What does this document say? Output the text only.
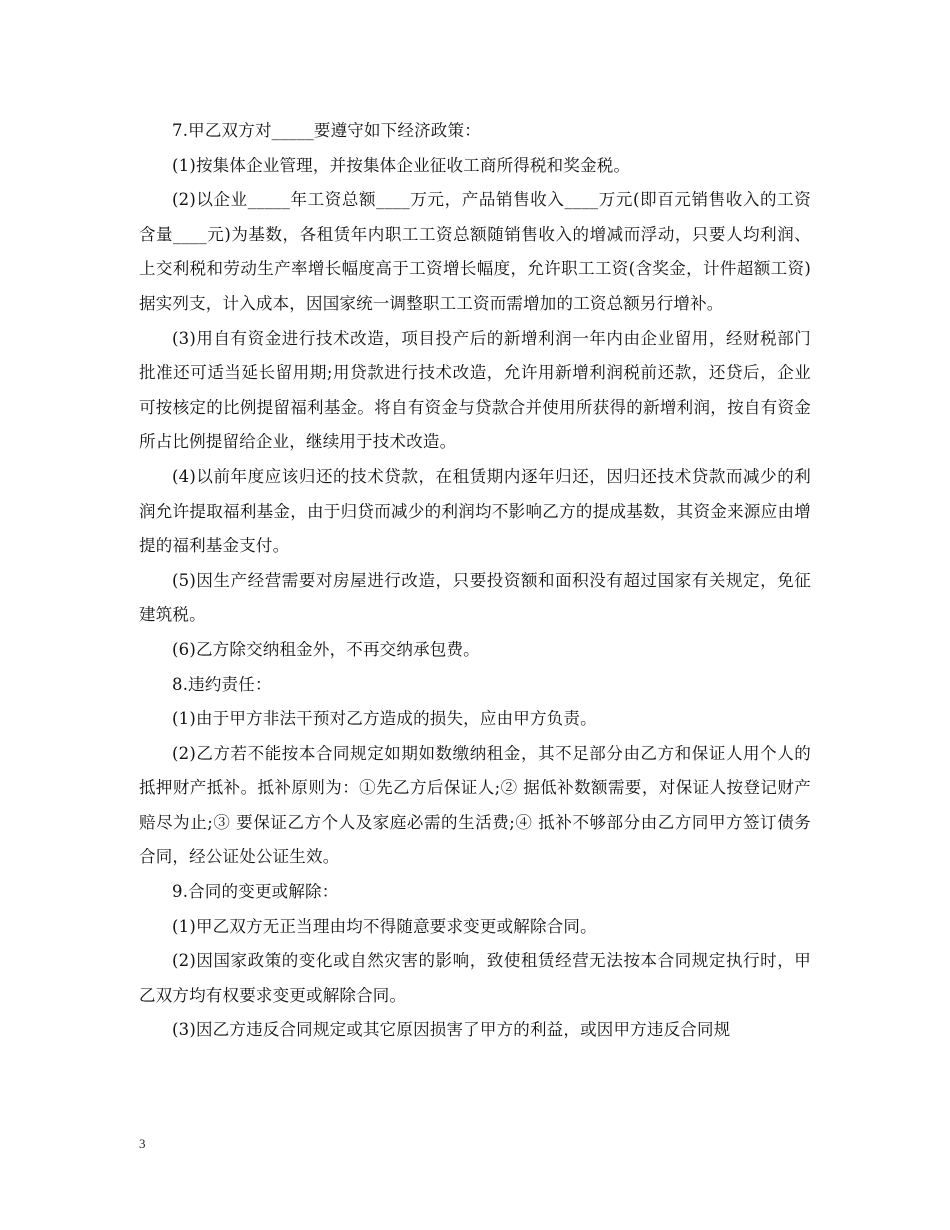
7.甲乙双方对_____要遵守如下经济政策：

(1)按集体企业管理，并按集体企业征收工商所得税和奖金税。

(2)以企业_____年工资总额____万元，产品销售收入____万元(即百元销售收入的工资含量____元)为基数，各租赁年内职工工资总额随销售收入的增减而浮动，只要人均利润、上交利税和劳动生产率增长幅度高于工资增长幅度，允许职工工资(含奖金，计件超额工资)据实列支，计入成本，因国家统一调整职工工资而需增加的工资总额另行增补。

(3)用自有资金进行技术改造，项目投产后的新增利润一年内由企业留用，经财税部门批准还可适当延长留用期;用贷款进行技术改造，允许用新增利润税前还款，还贷后，企业可按核定的比例提留福利基金。将自有资金与贷款合并使用所获得的新增利润，按自有资金所占比例提留给企业，继续用于技术改造。

(4)以前年度应该归还的技术贷款，在租赁期内逐年归还，因归还技术贷款而减少的利润允许提取福利基金，由于归贷而减少的利润均不影响乙方的提成基数，其资金来源应由增提的福利基金支付。

(5)因生产经营需要对房屋进行改造，只要投资额和面积没有超过国家有关规定，免征建筑税。

(6)乙方除交纳租金外，不再交纳承包费。

8.违约责任：

(1)由于甲方非法干预对乙方造成的损失，应由甲方负责。

(2)乙方若不能按本合同规定如期如数缴纳租金，其不足部分由乙方和保证人用个人的抵押财产抵补。抵补原则为：①先乙方后保证人;② 据低补数额需要，对保证人按登记财产赔尽为止;③ 要保证乙方个人及家庭必需的生活费;④ 抵补不够部分由乙方同甲方签订债务合同，经公证处公证生效。

9.合同的变更或解除：

(1)甲乙双方无正当理由均不得随意要求变更或解除合同。

(2)因国家政策的变化或自然灾害的影响，致使租赁经营无法按本合同规定执行时，甲乙双方均有权要求变更或解除合同。

(3)因乙方违反合同规定或其它原因损害了甲方的利益，或因甲方违反合同规

3
